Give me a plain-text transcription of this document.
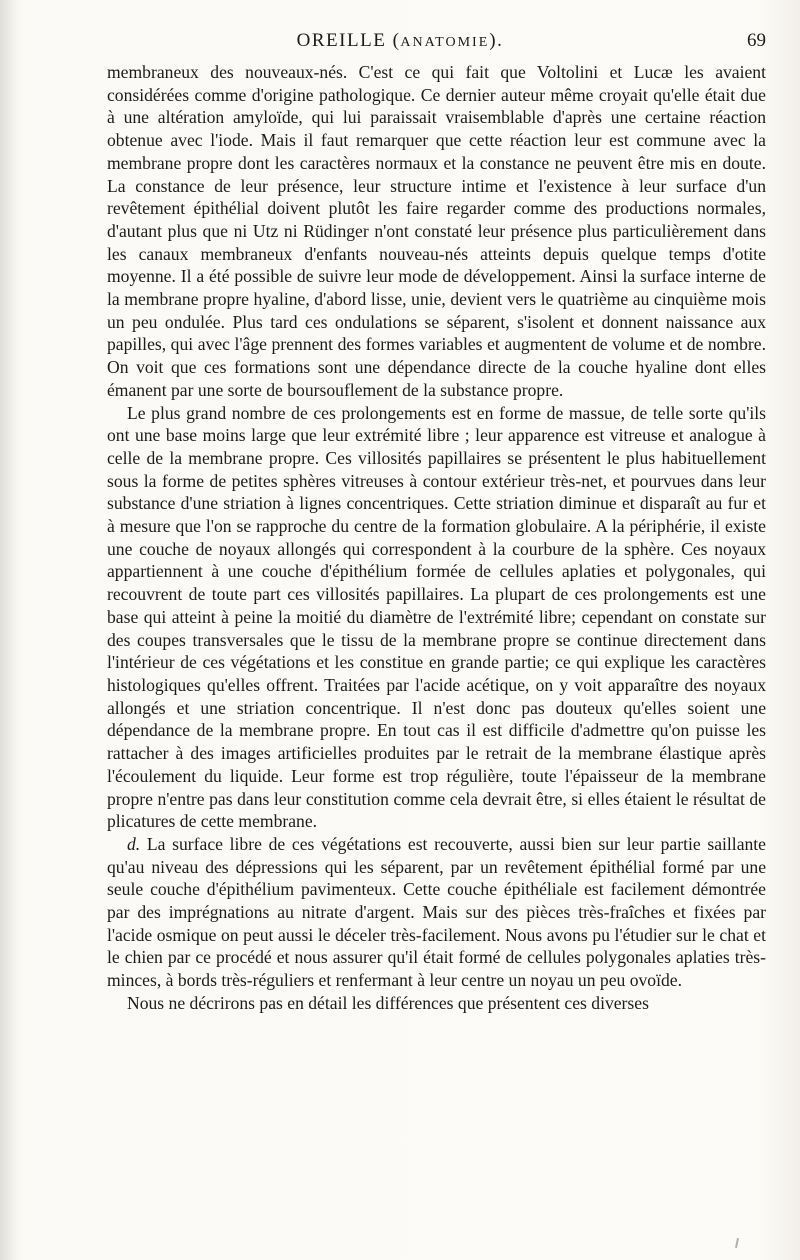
OREILLE (ANATOMIE).	69

membraneux des nouveaux-nés. C'est ce qui fait que Voltolini et Lucæ les avaient considérées comme d'origine pathologique. Ce dernier auteur même croyait qu'elle était due à une altération amyloïde, qui lui paraissait vraisemblable d'après une certaine réaction obtenue avec l'iode. Mais il faut remarquer que cette réaction leur est commune avec la membrane propre dont les caractères normaux et la constance ne peuvent être mis en doute. La constance de leur présence, leur structure intime et l'existence à leur surface d'un revêtement épithélial doivent plutôt les faire regarder comme des productions normales, d'autant plus que ni Utz ni Rüdinger n'ont constaté leur présence plus particulièrement dans les canaux membraneux d'enfants nouveau-nés atteints depuis quelque temps d'otite moyenne. Il a été possible de suivre leur mode de développement. Ainsi la surface interne de la membrane propre hyaline, d'abord lisse, unie, devient vers le quatrième au cinquième mois un peu ondulée. Plus tard ces ondulations se séparent, s'isolent et donnent naissance aux papilles, qui avec l'âge prennent des formes variables et augmentent de volume et de nombre. On voit que ces formations sont une dépendance directe de la couche hyaline dont elles émanent par une sorte de boursouflement de la substance propre.

Le plus grand nombre de ces prolongements est en forme de massue, de telle sorte qu'ils ont une base moins large que leur extrémité libre ; leur apparence est vitreuse et analogue à celle de la membrane propre. Ces villosités papillaires se présentent le plus habituellement sous la forme de petites sphères vitreuses à contour extérieur très-net, et pourvues dans leur substance d'une striation à lignes concentriques. Cette striation diminue et disparaît au fur et à mesure que l'on se rapproche du centre de la formation globulaire. A la périphérie, il existe une couche de noyaux allongés qui correspondent à la courbure de la sphère. Ces noyaux appartiennent à une couche d'épithélium formée de cellules aplaties et polygonales, qui recouvrent de toute part ces villosités papillaires. La plupart de ces prolongements est une base qui atteint à peine la moitié du diamètre de l'extrémité libre; cependant on constate sur des coupes transversales que le tissu de la membrane propre se continue directement dans l'intérieur de ces végétations et les constitue en grande partie; ce qui explique les caractères histologiques qu'elles offrent. Traitées par l'acide acétique, on y voit apparaître des noyaux allongés et une striation concentrique. Il n'est donc pas douteux qu'elles soient une dépendance de la membrane propre. En tout cas il est difficile d'admettre qu'on puisse les rattacher à des images artificielles produites par le retrait de la membrane élastique après l'écoulement du liquide. Leur forme est trop régulière, toute l'épaisseur de la membrane propre n'entre pas dans leur constitution comme cela devrait être, si elles étaient le résultat de plicatures de cette membrane.

d. La surface libre de ces végétations est recouverte, aussi bien sur leur partie saillante qu'au niveau des dépressions qui les séparent, par un revêtement épithélial formé par une seule couche d'épithélium pavimenteux. Cette couche épithéliale est facilement démontrée par des imprégnations au nitrate d'argent. Mais sur des pièces très-fraîches et fixées par l'acide osmique on peut aussi le déceler très-facilement. Nous avons pu l'étudier sur le chat et le chien par ce procédé et nous assurer qu'il était formé de cellules polygonales aplaties très-minces, à bords très-réguliers et renfermant à leur centre un noyau un peu ovoïde.

Nous ne décrirons pas en détail les différences que présentent ces diverses
